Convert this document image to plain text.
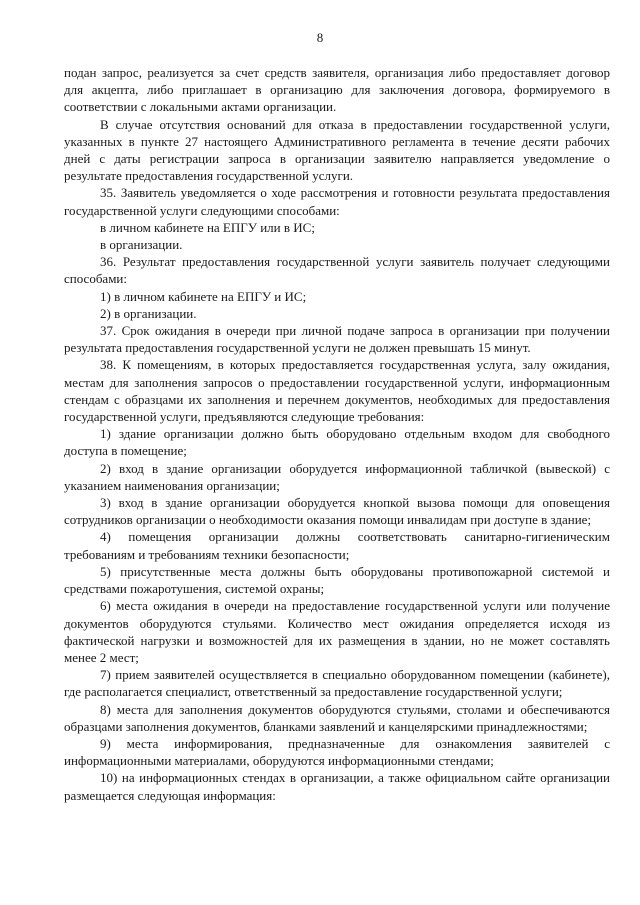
8

подан запрос, реализуется за счет средств заявителя, организация либо предоставляет договор для акцепта, либо приглашает в организацию для заключения договора, формируемого в соответствии с локальными актами организации.

В случае отсутствия оснований для отказа в предоставлении государственной услуги, указанных в пункте 27 настоящего Административного регламента в течение десяти рабочих дней с даты регистрации запроса в организации заявителю направляется уведомление о результате предоставления государственной услуги.

35. Заявитель уведомляется о ходе рассмотрения и готовности результата предоставления государственной услуги следующими способами:

в личном кабинете на ЕПГУ или в ИС;

в организации.

36. Результат предоставления государственной услуги заявитель получает следующими способами:

1) в личном кабинете на ЕПГУ и ИС;

2) в организации.

37. Срок ожидания в очереди при личной подаче запроса в организации при получении результата предоставления государственной услуги не должен превышать 15 минут.

38. К помещениям, в которых предоставляется государственная услуга, залу ожидания, местам для заполнения запросов о предоставлении государственной услуги, информационным стендам с образцами их заполнения и перечнем документов, необходимых для предоставления государственной услуги, предъявляются следующие требования:

1) здание организации должно быть оборудовано отдельным входом для свободного доступа в помещение;

2) вход в здание организации оборудуется информационной табличкой (вывеской) с указанием наименования организации;

3) вход в здание организации оборудуется кнопкой вызова помощи для оповещения сотрудников организации о необходимости оказания помощи инвалидам при доступе в здание;

4) помещения организации должны соответствовать санитарно-гигиеническим требованиям и требованиям техники безопасности;

5) присутственные места должны быть оборудованы противопожарной системой и средствами пожаротушения, системой охраны;

6) места ожидания в очереди на предоставление государственной услуги или получение документов оборудуются стульями. Количество мест ожидания определяется исходя из фактической нагрузки и возможностей для их размещения в здании, но не может составлять менее 2 мест;

7) прием заявителей осуществляется в специально оборудованном помещении (кабинете), где располагается специалист, ответственный за предоставление государственной услуги;

8) места для заполнения документов оборудуются стульями, столами и обеспечиваются образцами заполнения документов, бланками заявлений и канцелярскими принадлежностями;

9) места информирования, предназначенные для ознакомления заявителей с информационными материалами, оборудуются информационными стендами;

10) на информационных стендах в организации, а также официальном сайте организации размещается следующая информация:
